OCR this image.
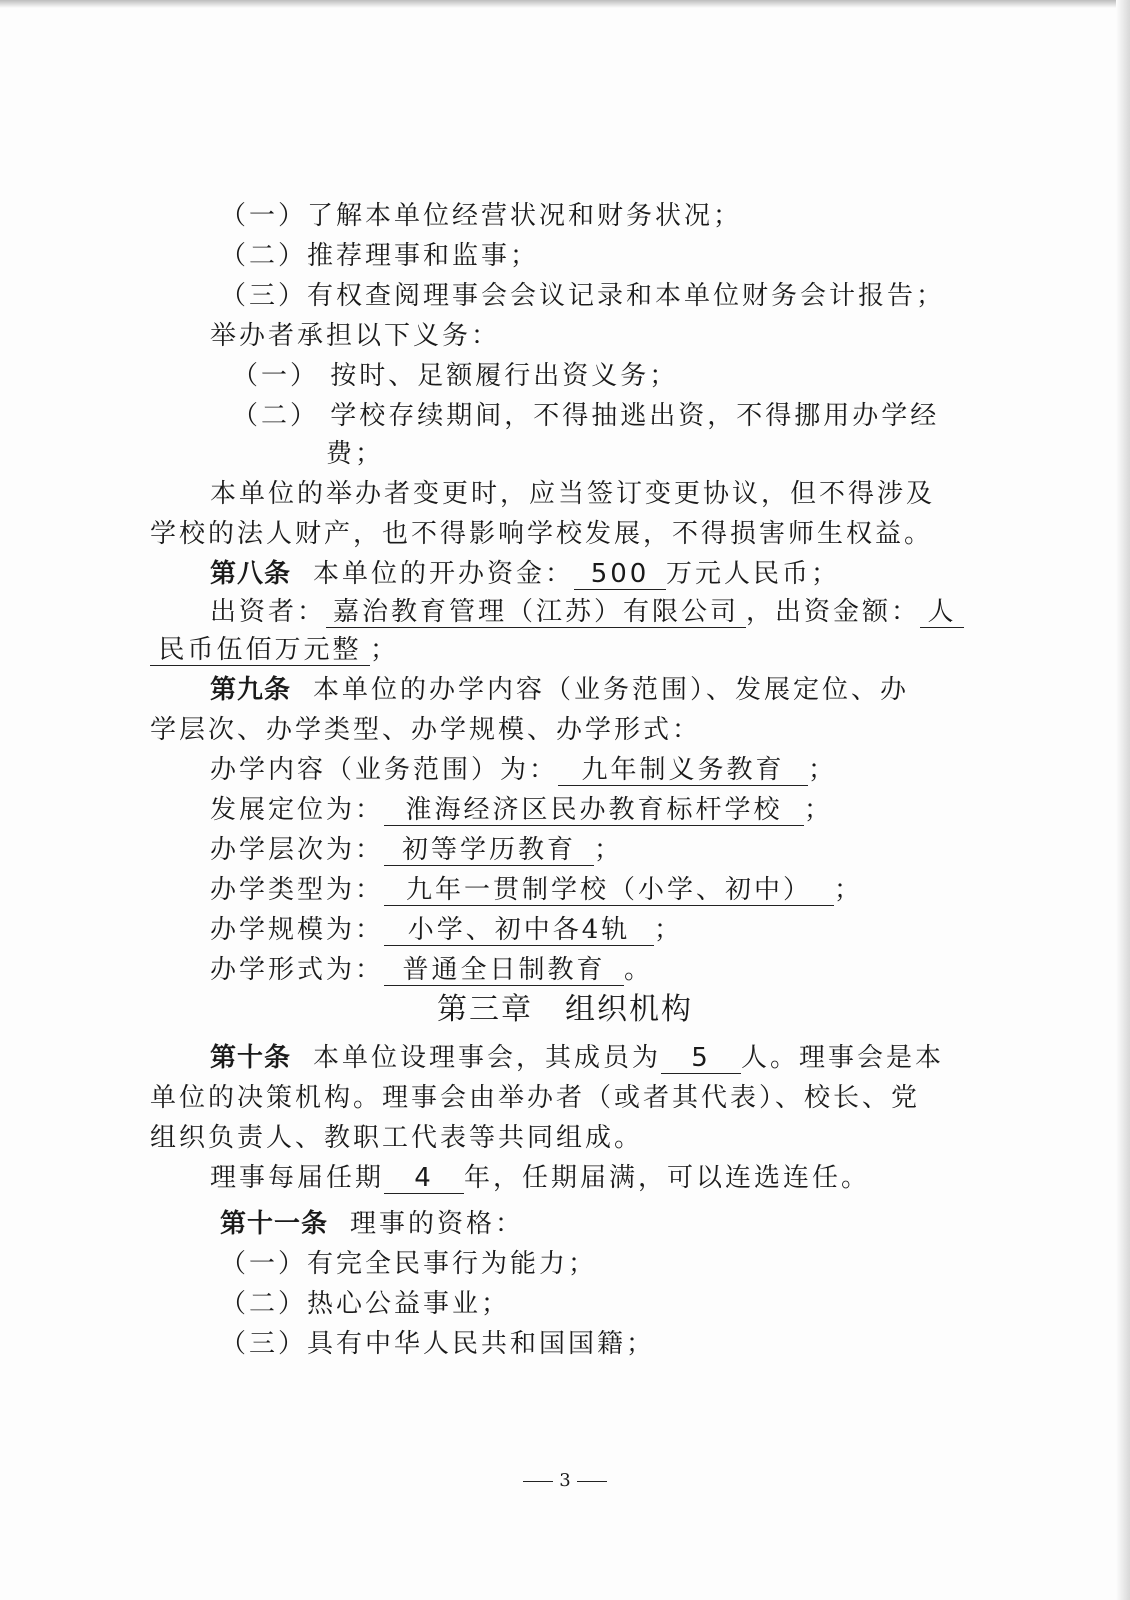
（一）了解本单位经营状况和财务状况；
（二）推荐理事和监事；
（三）有权查阅理事会会议记录和本单位财务会计报告；
举办者承担以下义务：
（一） 按时、足额履行出资义务；
（二） 学校存续期间，不得抽逃出资，不得挪用办学经
费；
本单位的举办者变更时，应当签订变更协议，但不得涉及
学校的法人财产，也不得影响学校发展，不得损害师生权益。
第八条 本单位的开办资金： 500 万元人民币；
出资者： 嘉治教育管理（江苏）有限公司 ，出资金额： 人
民币伍佰万元整 ；
第九条 本单位的办学内容（业务范围）、发展定位、办
学层次、办学类型、办学规模、办学形式：
办学内容（业务范围）为： 九年制义务教育 ；
发展定位为： 淮海经济区民办教育标杆学校 ；
办学层次为： 初等学历教育 ；
办学类型为： 九年一贯制学校（小学、初中） ；
办学规模为： 小学、初中各4轨 ；
办学形式为： 普通全日制教育 。
第三章　组织机构
第十条 本单位设理事会，其成员为 5 人。理事会是本
单位的决策机构。理事会由举办者（或者其代表）、校长、党
组织负责人、教职工代表等共同组成。
理事每届任期 4 年，任期届满，可以连选连任。
第十一条 理事的资格：
（一）有完全民事行为能力；
（二）热心公益事业；
（三）具有中华人民共和国国籍；
3
